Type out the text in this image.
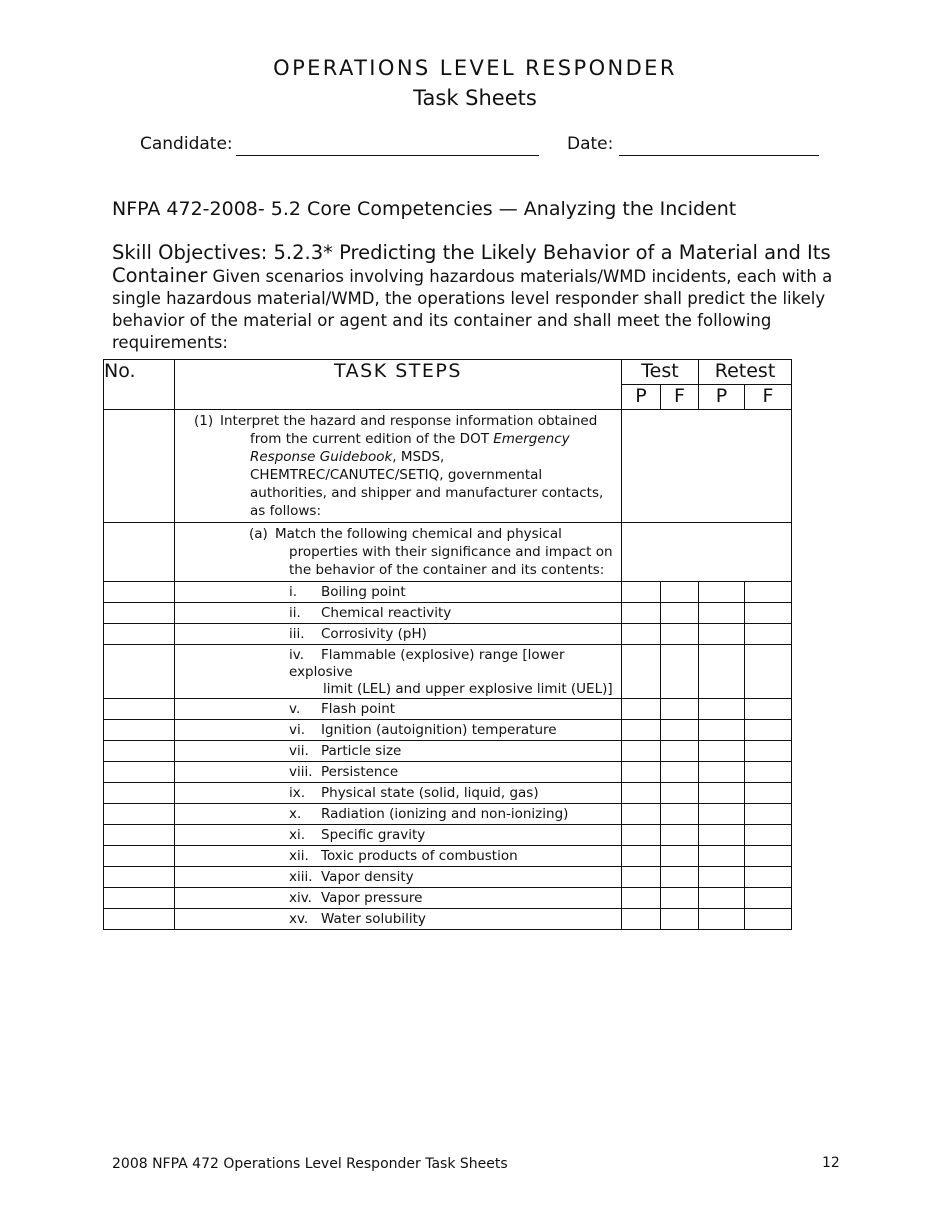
OPERATIONS LEVEL RESPONDER
Task Sheets
Candidate:	Date:
NFPA 472-2008- 5.2 Core Competencies — Analyzing the Incident
Skill Objectives: 5.2.3* Predicting the Likely Behavior of a Material and Its Container Given scenarios involving hazardous materials/WMD incidents, each with a single hazardous material/WMD, the operations level responder shall predict the likely behavior of the material or agent and its container and shall meet the following requirements:
No.	TASK STEPS	Test		Retest	
		P	F	P	F

	(1) Interpret the hazard and response information obtained from the current edition of the DOT Emergency Response Guidebook, MSDS, CHEMTREC/CANUTEC/SETIQ, governmental authorities, and shipper and manufacturer contacts, as follows:				

	(a) Match the following chemical and physical properties with their significance and impact on the behavior of the container and its contents:				

	i. Boiling point				

	ii. Chemical reactivity				

	iii. Corrosivity (pH)				

	iv. Flammable (explosive) range [lower explosive
limit (LEL) and upper explosive limit (UEL)]				

	v. Flash point				

	vi. Ignition (autoignition) temperature				

	vii. Particle size				

	viii. Persistence				

	ix. Physical state (solid, liquid, gas)				

	x. Radiation (ionizing and non-ionizing)				

	xi. Specific gravity				

	xii. Toxic products of combustion				

	xiii. Vapor density				

	xiv. Vapor pressure				

	xv. Water solubility				

2008 NFPA 472 Operations Level Responder Task Sheets	12
